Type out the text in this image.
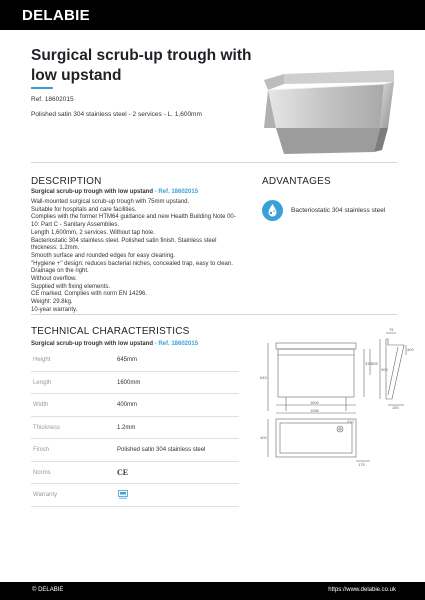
DELABIE
Surgical scrub-up trough with low upstand
Ref. 18602015
Polished satin 304 stainless steel - 2 services - L. 1,600mm
DESCRIPTION
Surgical scrub-up trough with low upstand - Ref. 18602015
Wall-mounted surgical scrub-up trough with 75mm upstand.
Suitable for hospitals and care facilities.
Complies with the former HTM64 guidance and new Health Building Note 00-
10: Part C - Sanitary Assemblies.
Length 1,600mm, 2 services. Without tap hole.
Bacteriostatic 304 stainless steel. Polished satin finish. Stainless steel
thickness: 1.2mm.
Smooth surface and rounded edges for easy cleaning.
"Hygiene +" design: reduces bacterial niches, concealed trap, easy to clean.
Drainage on the right.
Without overflow.
Supplied with fixing elements.
CE marked. Complies with norm EN 14296.
Weight: 29.8kg.
10-year warranty.
ADVANTAGES
Bacteriostatic 304 stainless steel
TECHNICAL CHARACTERISTICS
Surgical scrub-up trough with low upstand - Ref. 18602015
Height	645mm
Length	1600mm
Width	400mm
Thickness	1.2mm
Finish	Polished satin 304 stainless steel
Norms	CE
Warranty
75
400
645
330 355
300
1600
1550
400
150
175
210
© DELABIE	https://www.delabie.co.uk
